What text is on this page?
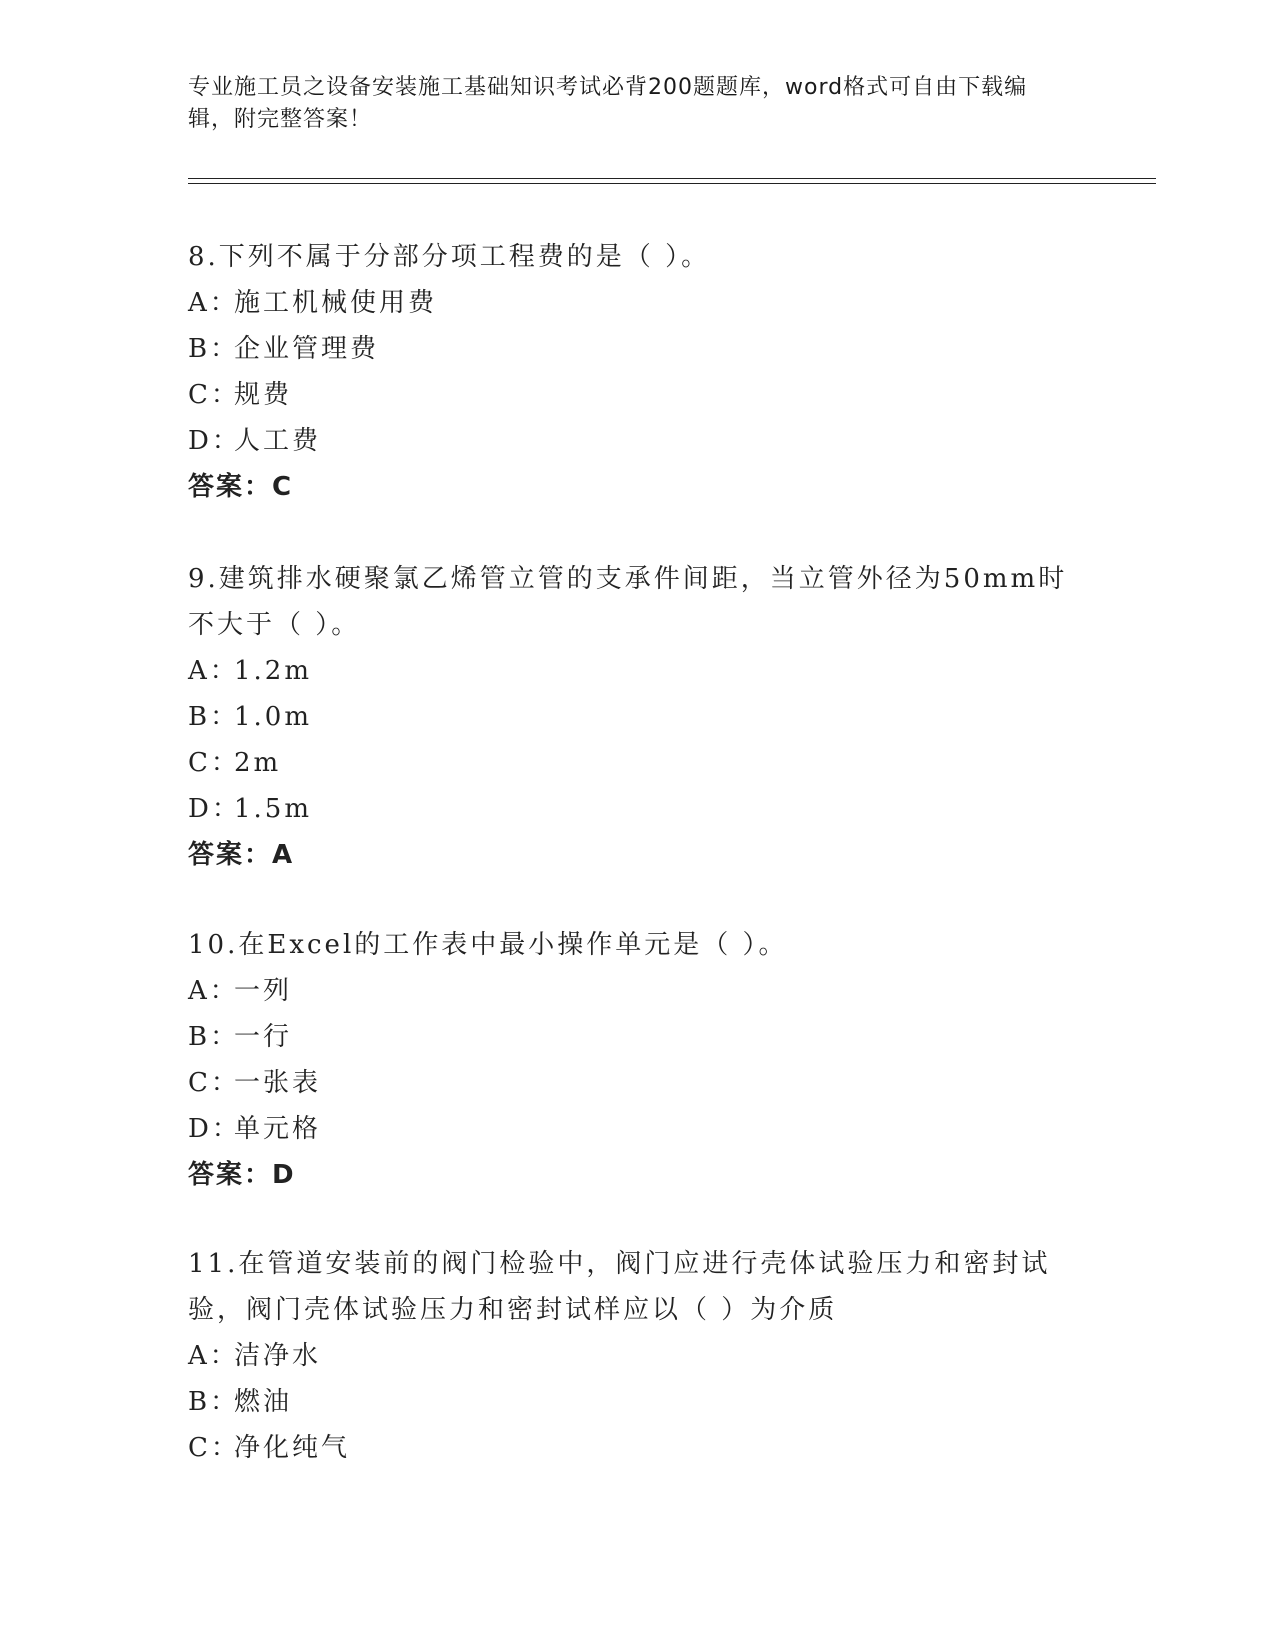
专业施工员之设备安装施工基础知识考试必背200题题库，word格式可自由下载编辑，附完整答案！

8.下列不属于分部分项工程费的是（ ）。

A：施工机械使用费

B：企业管理费

C：规费

D：人工费

答案：C

9.建筑排水硬聚氯乙烯管立管的支承件间距，当立管外径为50mm时不大于（ ）。

A：1.2m

B：1.0m

C：2m

D：1.5m

答案：A

10.在Excel的工作表中最小操作单元是（ ）。

A：一列

B：一行

C：一张表

D：单元格

答案：D

11.在管道安装前的阀门检验中，阀门应进行壳体试验压力和密封试验，阀门壳体试验压力和密封试样应以（ ）为介质

A：洁净水

B：燃油

C：净化纯气
